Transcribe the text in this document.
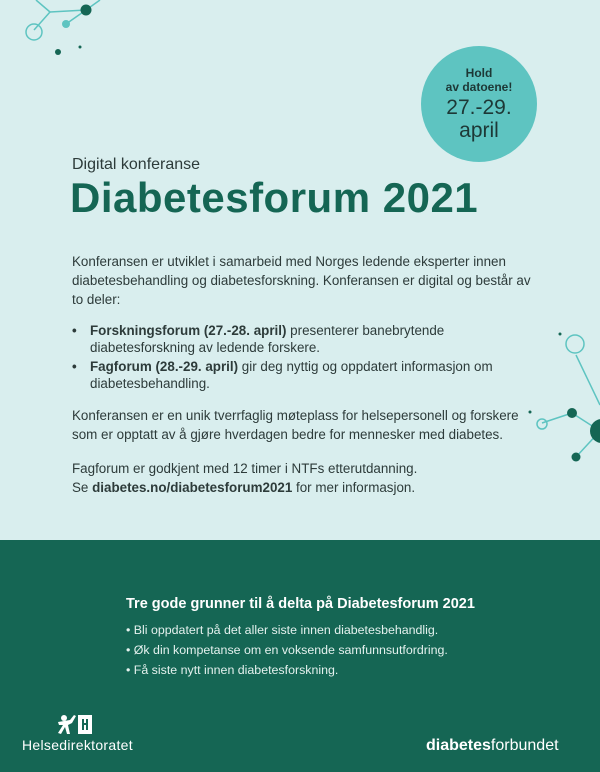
Hold
av datoene!
27.-29.
april
Digital konferanse
Diabetesforum 2021
Konferansen er utviklet i samarbeid med Norges ledende eksperter innen diabetesbehandling og diabetesforskning. Konferansen er digital og består av to deler:
• Forskningsforum (27.-28. april) presenterer banebrytende diabetesforskning av ledende forskere.
• Fagforum (28.-29. april) gir deg nyttig og oppdatert informasjon om diabetesbehandling.
Konferansen er en unik tverrfaglig møteplass for helsepersonell og forskere som er opptatt av å gjøre hverdagen bedre for mennesker med diabetes.
Fagforum er godkjent med 12 timer i NTFs etterutdanning.
Se diabetes.no/diabetesforum2021 for mer informasjon.
Tre gode grunner til å delta på Diabetesforum 2021
• Bli oppdatert på det aller siste innen diabetesbehandlig.
• Øk din kompetanse om en voksende samfunnsutfordring.
• Få siste nytt innen diabetesforskning.
Helsedirektoratet	diabetesforbundet
